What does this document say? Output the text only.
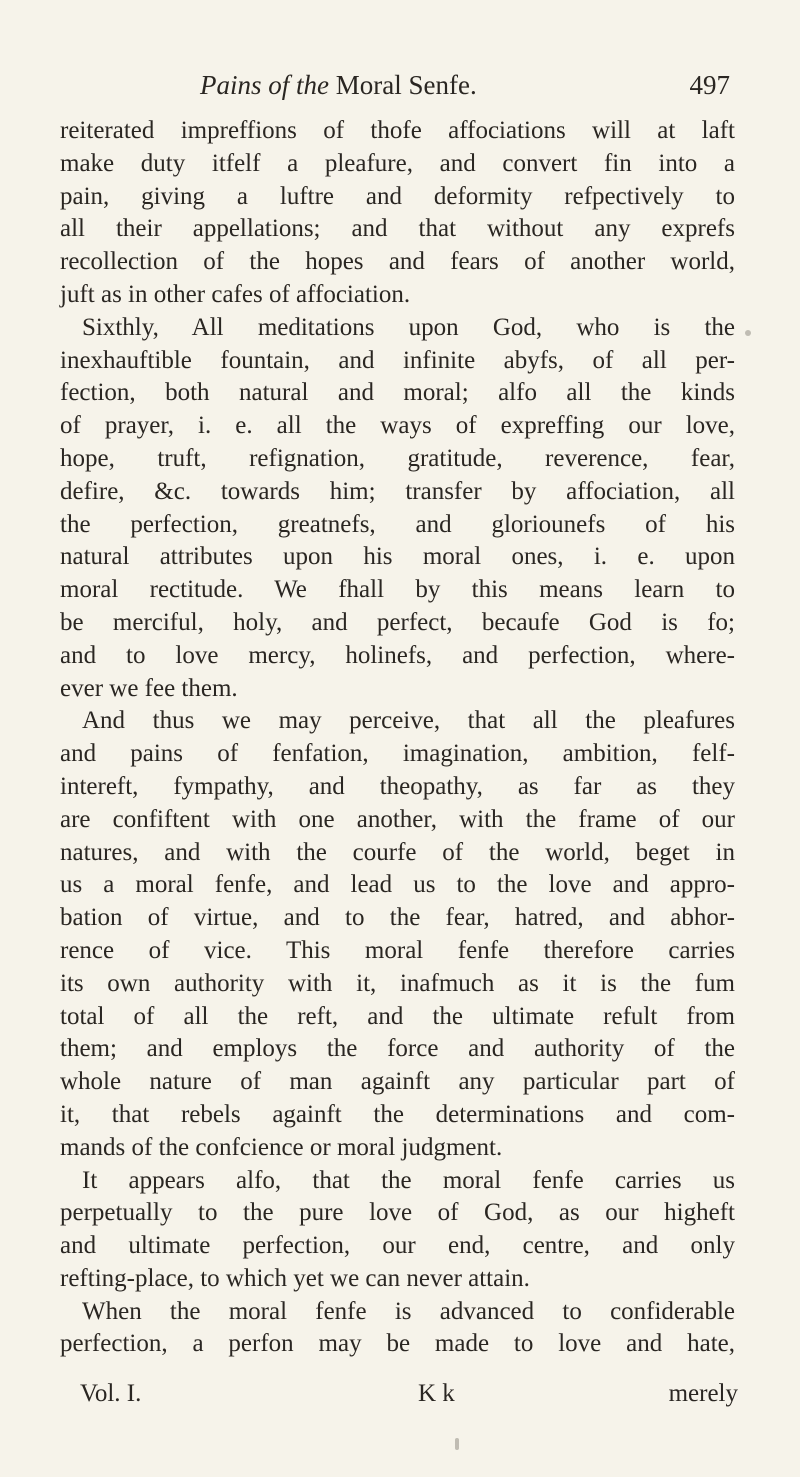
Pains of the Moral Senfe.	497
reiterated impreffions of thofe affociations will at laft
make duty itfelf a pleafure, and convert fin into a
pain, giving a luftre and deformity refpectively to
all their appellations; and that without any exprefs
recollection of the hopes and fears of another world,
juft as in other cafes of affociation.
Sixthly, All meditations upon God, who is the
inexhauftible fountain, and infinite abyfs, of all per-
fection, both natural and moral; alfo all the kinds
of prayer, i. e. all the ways of expreffing our love,
hope, truft, refignation, gratitude, reverence, fear,
defire, &c. towards him; transfer by affociation, all
the perfection, greatnefs, and gloriounefs of his
natural attributes upon his moral ones, i. e. upon
moral rectitude. We fhall by this means learn to
be merciful, holy, and perfect, becaufe God is fo;
and to love mercy, holinefs, and perfection, where-
ever we fee them.
And thus we may perceive, that all the pleafures
and pains of fenfation, imagination, ambition, felf-
intereft, fympathy, and theopathy, as far as they
are confiftent with one another, with the frame of our
natures, and with the courfe of the world, beget in
us a moral fenfe, and lead us to the love and appro-
bation of virtue, and to the fear, hatred, and abhor-
rence of vice. This moral fenfe therefore carries
its own authority with it, inafmuch as it is the fum
total of all the reft, and the ultimate refult from
them; and employs the force and authority of the
whole nature of man againft any particular part of
it, that rebels againft the determinations and com-
mands of the confcience or moral judgment.
It appears alfo, that the moral fenfe carries us
perpetually to the pure love of God, as our higheft
and ultimate perfection, our end, centre, and only
refting-place, to which yet we can never attain.
When the moral fenfe is advanced to confiderable
perfection, a perfon may be made to love and hate,
Vol. I.	K k	merely
